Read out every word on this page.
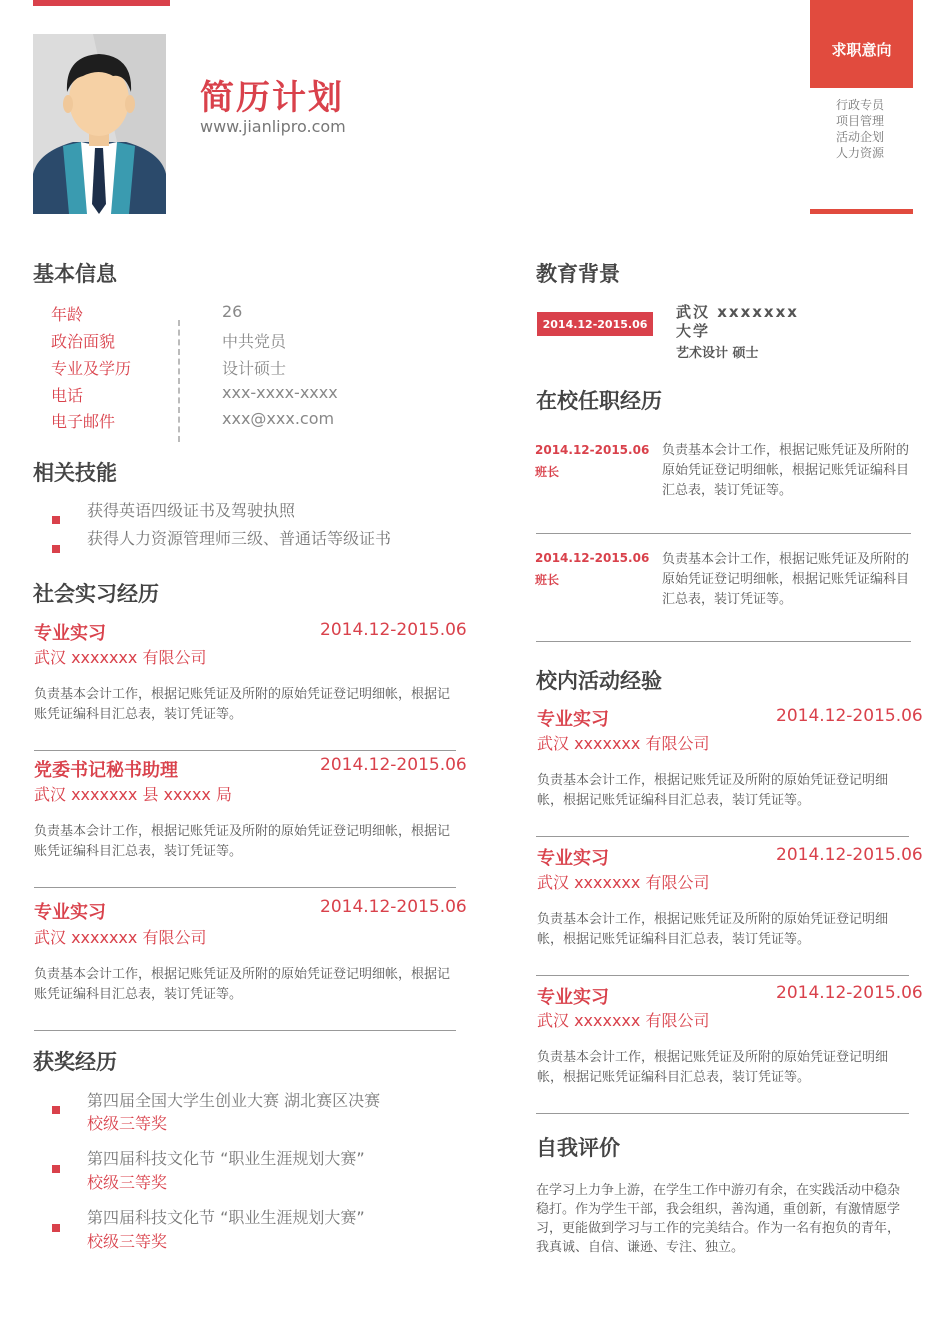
简历计划
www.jianlipro.com
求职意向
行政专员
项目管理
活动企划
人力资源
基本信息
年龄	26
政治面貌	中共党员
专业及学历	设计硕士
电话	xxx-xxxx-xxxx
电子邮件	xxx@xxx.com
相关技能
获得英语四级证书及驾驶执照
获得人力资源管理师三级、普通话等级证书
社会实习经历
专业实习	2014.12-2015.06
武汉 xxxxxxx 有限公司
负责基本会计工作，根据记账凭证及所附的原始凭证登记明细帐，根据记账凭证编科目汇总表，装订凭证等。
党委书记秘书助理	2014.12-2015.06
武汉 xxxxxxx 县 xxxxx 局
负责基本会计工作，根据记账凭证及所附的原始凭证登记明细帐，根据记账凭证编科目汇总表，装订凭证等。
专业实习	2014.12-2015.06
武汉 xxxxxxx 有限公司
负责基本会计工作，根据记账凭证及所附的原始凭证登记明细帐，根据记账凭证编科目汇总表，装订凭证等。
获奖经历
第四届全国大学生创业大赛 湖北赛区决赛
校级三等奖
第四届科技文化节 “职业生涯规划大赛”
校级三等奖
第四届科技文化节 “职业生涯规划大赛”
校级三等奖
教育背景
2014.12-2015.06
武汉 xxxxxxx 大学
艺术设计 硕士
在校任职经历
2014.12-2015.06
班长
负责基本会计工作，根据记账凭证及所附的原始凭证登记明细帐，根据记账凭证编科目汇总表，装订凭证等。
2014.12-2015.06
班长
负责基本会计工作，根据记账凭证及所附的原始凭证登记明细帐，根据记账凭证编科目汇总表，装订凭证等。
校内活动经验
专业实习	2014.12-2015.06
武汉 xxxxxxx 有限公司
负责基本会计工作，根据记账凭证及所附的原始凭证登记明细帐，根据记账凭证编科目汇总表，装订凭证等。
专业实习	2014.12-2015.06
武汉 xxxxxxx 有限公司
负责基本会计工作，根据记账凭证及所附的原始凭证登记明细帐，根据记账凭证编科目汇总表，装订凭证等。
专业实习	2014.12-2015.06
武汉 xxxxxxx 有限公司
负责基本会计工作，根据记账凭证及所附的原始凭证登记明细帐，根据记账凭证编科目汇总表，装订凭证等。
自我评价
在学习上力争上游，在学生工作中游刃有余，在实践活动中稳杂稳打。作为学生干部，我会组织，善沟通，重创新，有激情愿学习，更能做到学习与工作的完美结合。作为一名有抱负的青年，我真诚、自信、谦逊、专注、独立。
